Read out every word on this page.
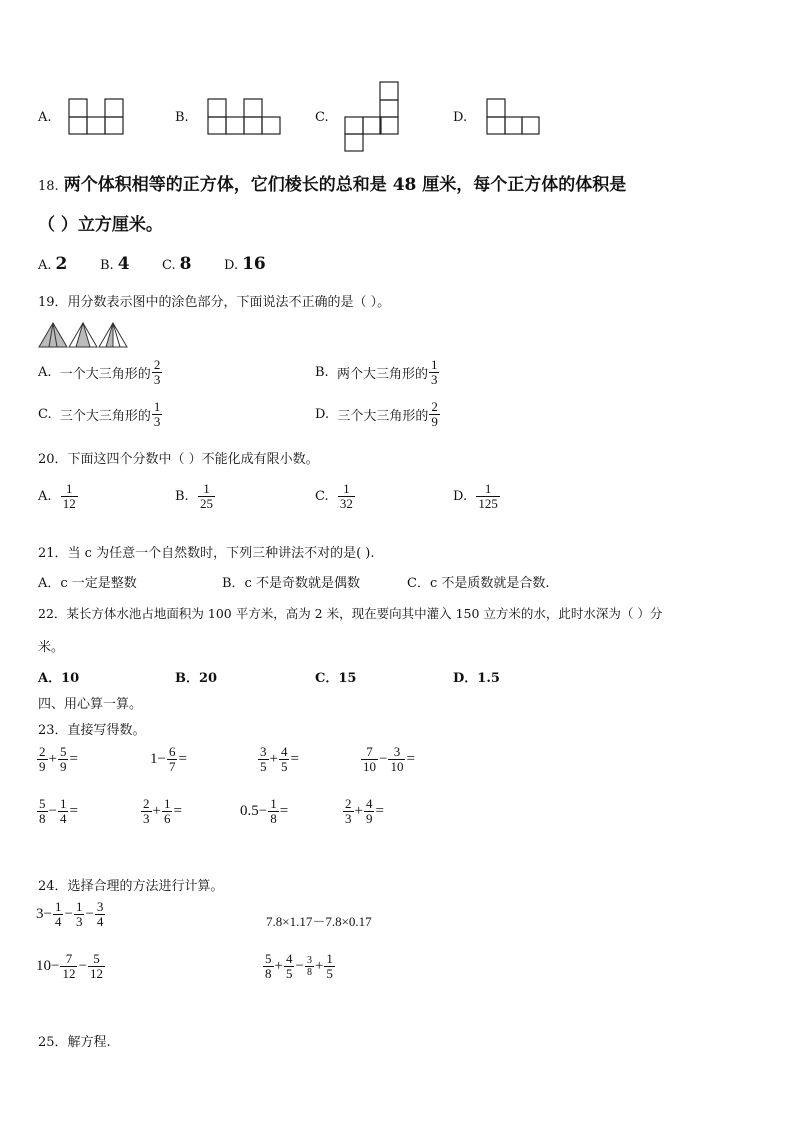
A.	B.	C.	D.
18. 两个体积相等的正方体，它们棱长的总和是 48 厘米，每个正方体的体积是
（ ）立方厘米。
A. 2	B. 4	C. 8	D. 16
19．用分数表示图中的涂色部分，下面说法不正确的是（ ）。
A.
一个大三角形的 $\frac{2}{3}$	B.
两个大三角形的 $\frac{1}{3}$
C.
三个大三角形的 $\frac{1}{3}$	D.
三个大三角形的 $\frac{2}{9}$
20．下面这四个分数中（ ）不能化成有限小数。
A.
$\frac{1}{12}$	B.
$\frac{1}{25}$	C.
$\frac{1}{32}$	D.
$\frac{1}{125}$
21．当 c 为任意一个自然数时，下列三种讲法不对的是( ).
A．c 一定是整数	B．c 不是奇数就是偶数	C．c 不是质数就是合数.
22．某长方体水池占地面积为 100 平方米，高为 2 米，现在要向其中灌入 150 立方米的水，此时水深为（ ）分
米。
A．10	B．20	C．15	D．1.5
四、用心算一算。
23．直接写得数。
$\frac{2}{9} + \frac{5}{9}$ =	$1 - \frac{6}{7}$ =	$\frac{3}{5} + \frac{4}{5}$ =	$\frac{7}{10} - \frac{3}{10}$ =
$\frac{5}{8} - \frac{1}{4}$ =	$\frac{2}{3} + \frac{1}{6}$ =	$0.5 - \frac{1}{8}$ =	$\frac{2}{3} + \frac{4}{9}$ =
24．选择合理的方法进行计算。
$3 - \frac{1}{4} - \frac{1}{3} - \frac{3}{4}$	7.8×1.17－7.8×0.17
$10 - \frac{7}{12} - \frac{5}{12}$	$\frac{5}{8} + \frac{4}{5} - \frac{3}{8} + \frac{1}{5}$
25．解方程.
